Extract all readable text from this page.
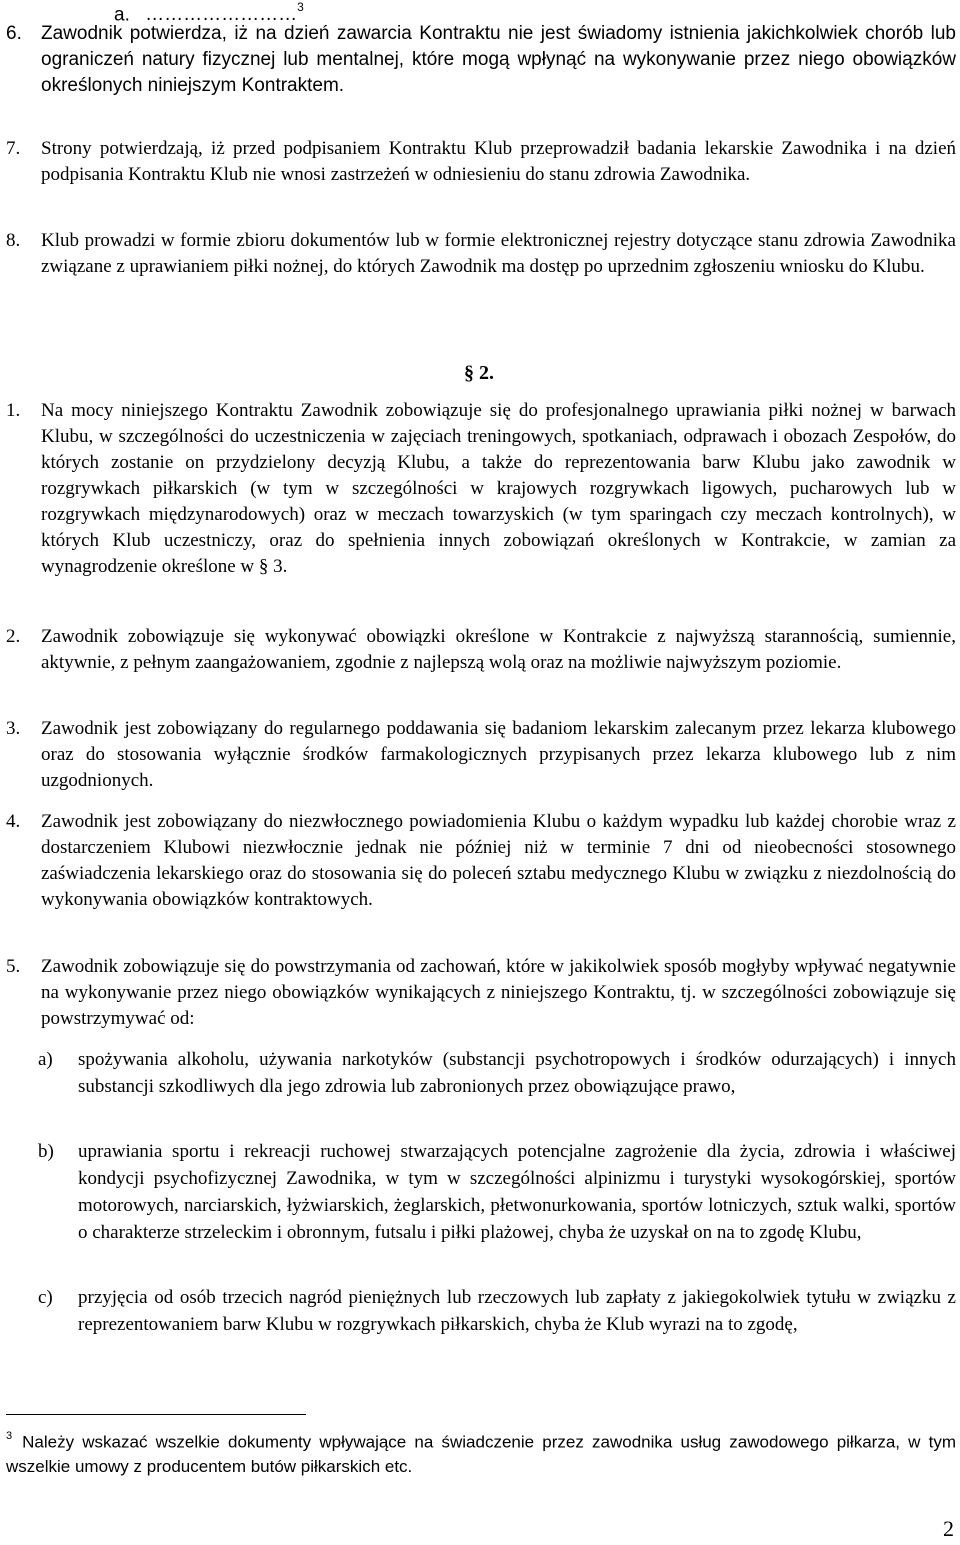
a. ……………………$^3$
6.	Zawodnik potwierdza, iż na dzień zawarcia Kontraktu nie jest świadomy istnienia jakichkolwiek chorób lub ograniczeń natury fizycznej lub mentalnej, które mogą wpłynąć na wykonywanie przez niego obowiązków określonych niniejszym Kontraktem.
7.	Strony potwierdzają, iż przed podpisaniem Kontraktu Klub przeprowadził badania lekarskie Zawodnika i na dzień podpisania Kontraktu Klub nie wnosi zastrzeżeń w odniesieniu do stanu zdrowia Zawodnika.
8.	Klub prowadzi w formie zbioru dokumentów lub w formie elektronicznej rejestry dotyczące stanu zdrowia Zawodnika związane z uprawianiem piłki nożnej, do których Zawodnik ma dostęp po uprzednim zgłoszeniu wniosku do Klubu.
§ 2.
1.	Na mocy niniejszego Kontraktu Zawodnik zobowiązuje się do profesjonalnego uprawiania piłki nożnej w barwach Klubu, w szczególności do uczestniczenia w zajęciach treningowych, spotkaniach, odprawach i obozach Zespołów, do których zostanie on przydzielony decyzją Klubu, a także do reprezentowania barw Klubu jako zawodnik w rozgrywkach piłkarskich (w tym w szczególności w krajowych rozgrywkach ligowych, pucharowych lub w rozgrywkach międzynarodowych) oraz w meczach towarzyskich (w tym sparingach czy meczach kontrolnych), w których Klub uczestniczy, oraz do spełnienia innych zobowiązań określonych w Kontrakcie, w zamian za wynagrodzenie określone w § 3.
2.	Zawodnik zobowiązuje się wykonywać obowiązki określone w Kontrakcie z najwyższą starannością, sumiennie, aktywnie, z pełnym zaangażowaniem, zgodnie z najlepszą wolą oraz na możliwie najwyższym poziomie.
3.	Zawodnik jest zobowiązany do regularnego poddawania się badaniom lekarskim zalecanym przez lekarza klubowego oraz do stosowania wyłącznie środków farmakologicznych przypisanych przez lekarza klubowego lub z nim uzgodnionych.
4.	Zawodnik jest zobowiązany do niezwłocznego powiadomienia Klubu o każdym wypadku lub każdej chorobie wraz z dostarczeniem Klubowi niezwłocznie jednak nie później niż w terminie 7 dni od nieobecności stosownego zaświadczenia lekarskiego oraz do stosowania się do poleceń sztabu medycznego Klubu w związku z niezdolnością do wykonywania obowiązków kontraktowych.
5.	Zawodnik zobowiązuje się do powstrzymania od zachowań, które w jakikolwiek sposób mogłyby wpływać negatywnie na wykonywanie przez niego obowiązków wynikających z niniejszego Kontraktu, tj. w szczególności zobowiązuje się powstrzymywać od:
a)	spożywania alkoholu, używania narkotyków (substancji psychotropowych i środków odurzających) i innych substancji szkodliwych dla jego zdrowia lub zabronionych przez obowiązujące prawo,
b)	uprawiania sportu i rekreacji ruchowej stwarzających potencjalne zagrożenie dla życia, zdrowia i właściwej kondycji psychofizycznej Zawodnika, w tym w szczególności alpinizmu i turystyki wysokogórskiej, sportów motorowych, narciarskich, łyżwiarskich, żeglarskich, płetwonurkowania, sportów lotniczych, sztuk walki, sportów o charakterze strzeleckim i obronnym, futsalu i piłki plażowej, chyba że uzyskał on na to zgodę Klubu,
c)	przyjęcia od osób trzecich nagród pieniężnych lub rzeczowych lub zapłaty z jakiegokolwiek tytułu w związku z reprezentowaniem barw Klubu w rozgrywkach piłkarskich, chyba że Klub wyrazi na to zgodę,
$^3$ Należy wskazać wszelkie dokumenty wpływające na świadczenie przez zawodnika usług zawodowego piłkarza, w tym wszelkie umowy z producentem butów piłkarskich etc.
2
